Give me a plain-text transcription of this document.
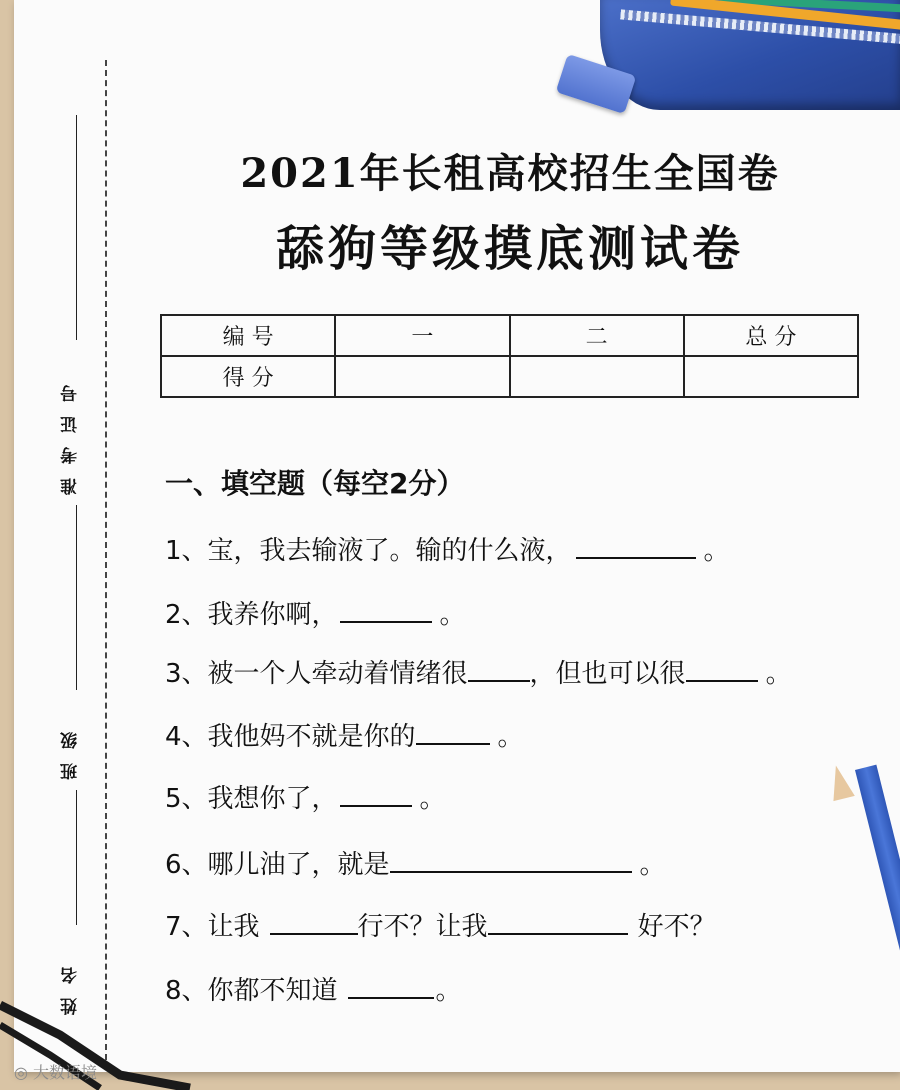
准考证号
班级
姓名
2021年长租高校招生全国卷
舔狗等级摸底测试卷
编 号	一	二	总 分
得 分			
一、填空题（每空2分）
1、宝，我去输液了。输的什么液，	。
2、我养你啊，	。
3、被一个人牵动着情绪很 ，但也可以很	。
4、我他妈不就是你的	。
5、我想你了，	。
6、哪儿油了，就是	。
7、让我	行不？让我	好不？
8、你都不知道	。
◎ 大数语境
